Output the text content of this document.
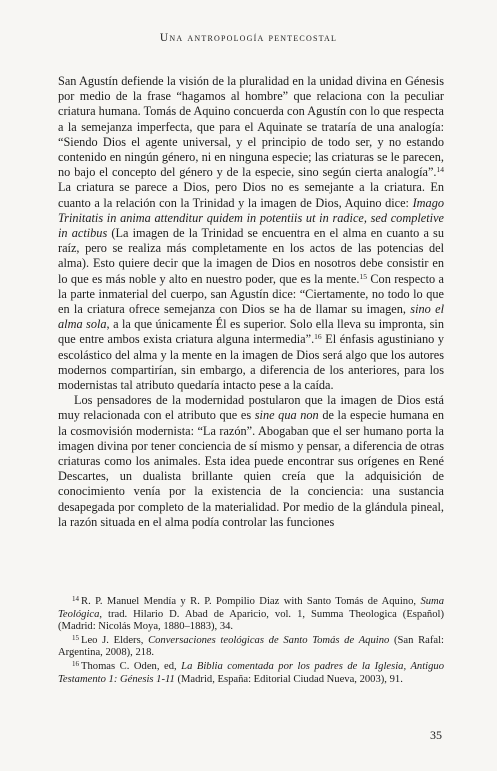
Una antropología pentecostal

San Agustín defiende la visión de la pluralidad en la unidad divina en Génesis por medio de la frase “hagamos al hombre” que relaciona con la peculiar criatura humana. Tomás de Aquino concuerda con Agustín con lo que respecta a la semejanza imperfecta, que para el Aquinate se trataría de una analogía: “Siendo Dios el agente universal, y el principio de todo ser, y no estando contenido en ningún género, ni en ninguna especie; las criaturas se le parecen, no bajo el concepto del género y de la especie, sino según cierta analogía”.$^{14}$ La criatura se parece a Dios, pero Dios no es semejante a la criatura. En cuanto a la relación con la Trinidad y la imagen de Dios, Aquino dice: Imago Trinitatis in anima attenditur quidem in potentiis ut in radice, sed completive in actibus (La imagen de la Trinidad se encuentra en el alma en cuanto a su raíz, pero se realiza más completamente en los actos de las potencias del alma). Esto quiere decir que la imagen de Dios en nosotros debe consistir en lo que es más noble y alto en nuestro poder, que es la mente.$^{15}$ Con respecto a la parte inmaterial del cuerpo, san Agustín dice: “Ciertamente, no todo lo que en la criatura ofrece semejanza con Dios se ha de llamar su imagen, sino el alma sola, a la que únicamente Él es superior. Solo ella lleva su impronta, sin que entre ambos exista criatura alguna intermedia”.$^{16}$ El énfasis agustiniano y escolástico del alma y la mente en la imagen de Dios será algo que los autores modernos compartirían, sin embargo, a diferencia de los anteriores, para los modernistas tal atributo quedaría intacto pese a la caída.

Los pensadores de la modernidad postularon que la imagen de Dios está muy relacionada con el atributo que es sine qua non de la especie humana en la cosmovisión modernista: “La razón”. Abogaban que el ser humano porta la imagen divina por tener conciencia de sí mismo y pensar, a diferencia de otras criaturas como los animales. Esta idea puede encontrar sus orígenes en René Descartes, un dualista brillante quien creía que la adquisición de conocimiento venía por la existencia de la conciencia: una sustancia desapegada por completo de la materialidad. Por medio de la glándula pineal, la razón situada en el alma podía controlar las funciones

$^{14}$ R. P. Manuel Mendía y R. P. Pompilio Diaz with Santo Tomás de Aquino, Suma Teológica, trad. Hilario D. Abad de Aparicio, vol. 1, Summa Theologica (Español) (Madrid: Nicolás Moya, 1880–1883), 34.

$^{15}$ Leo J. Elders, Conversaciones teológicas de Santo Tomás de Aquino (San Rafal: Argentina, 2008), 218.

$^{16}$ Thomas C. Oden, ed, La Biblia comentada por los padres de la Iglesia, Antiguo Testamento 1: Génesis 1-11 (Madrid, España: Editorial Ciudad Nueva, 2003), 91.

35
